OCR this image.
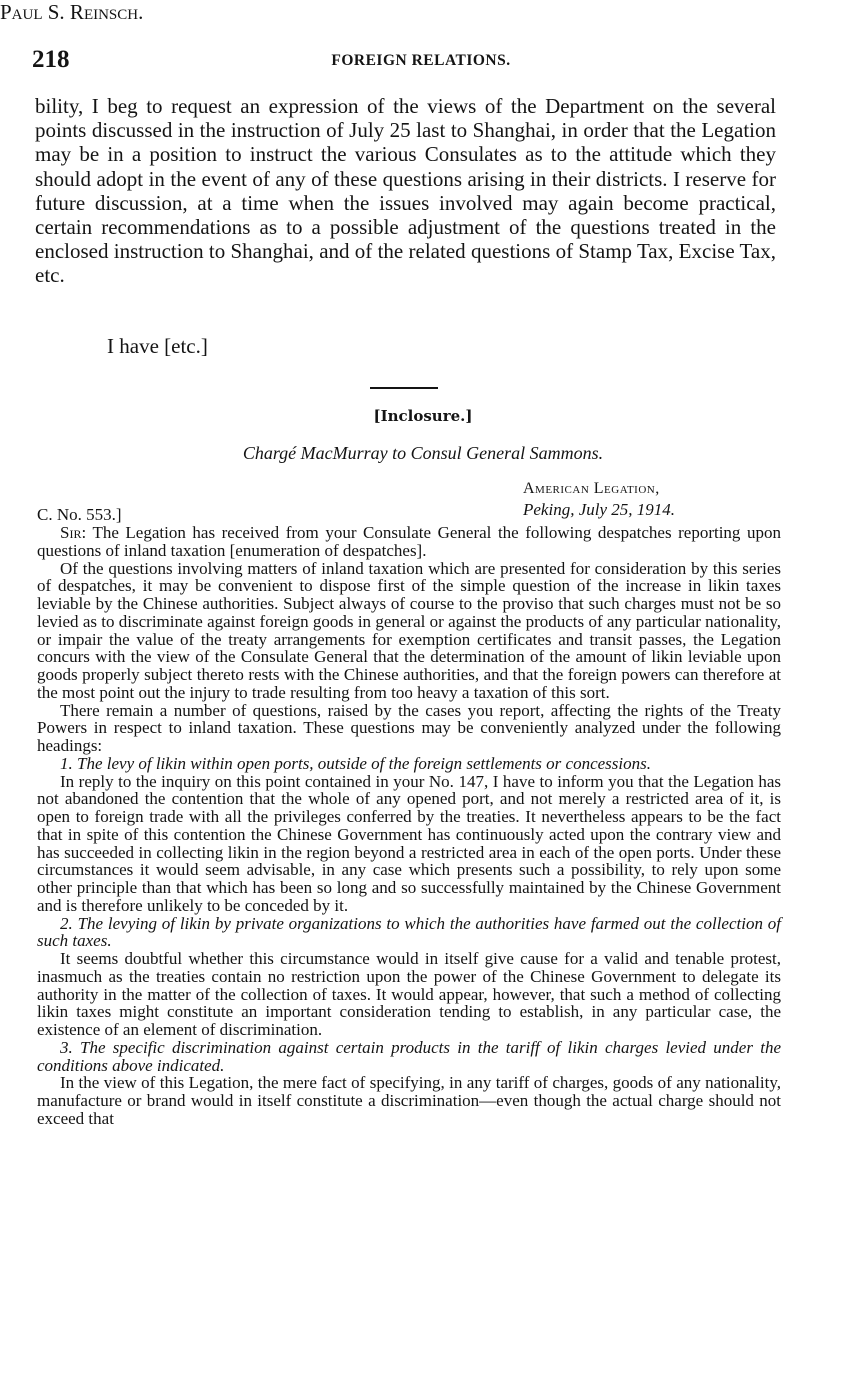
218	FOREIGN RELATIONS.

bility, I beg to request an expression of the views of the Department on the several points discussed in the instruction of July 25 last to Shanghai, in order that the Legation may be in a position to instruct the various Consulates as to the attitude which they should adopt in the event of any of these questions arising in their districts. I reserve for future discussion, at a time when the issues involved may again become practical, certain recommendations as to a possible adjustment of the questions treated in the enclosed instruction to Shanghai, and of the related questions of Stamp Tax, Excise Tax, etc.

I have [etc.]
Paul S. Reinsch.
[Inclosure.]
Chargé MacMurray to Consul General Sammons.
American Legation,
C. No. 553.]	Peking, July 25, 1914.

Sir: The Legation has received from your Consulate General the following despatches reporting upon questions of inland taxation [enumeration of despatches].

Of the questions involving matters of inland taxation which are presented for consideration by this series of despatches, it may be convenient to dispose first of the simple question of the increase in likin taxes leviable by the Chinese authorities. Subject always of course to the proviso that such charges must not be so levied as to discriminate against foreign goods in general or against the products of any particular nationality, or impair the value of the treaty arrangements for exemption certificates and transit passes, the Legation concurs with the view of the Consulate General that the determination of the amount of likin leviable upon goods properly subject thereto rests with the Chinese authorities, and that the foreign powers can therefore at the most point out the injury to trade resulting from too heavy a taxation of this sort.

There remain a number of questions, raised by the cases you report, affecting the rights of the Treaty Powers in respect to inland taxation. These questions may be conveniently analyzed under the following headings:

1. The levy of likin within open ports, outside of the foreign settlements or concessions.

In reply to the inquiry on this point contained in your No. 147, I have to inform you that the Legation has not abandoned the contention that the whole of any opened port, and not merely a restricted area of it, is open to foreign trade with all the privileges conferred by the treaties. It nevertheless appears to be the fact that in spite of this contention the Chinese Government has continuously acted upon the contrary view and has succeeded in collecting likin in the region beyond a restricted area in each of the open ports. Under these circumstances it would seem advisable, in any case which presents such a possibility, to rely upon some other principle than that which has been so long and so successfully maintained by the Chinese Government and is therefore unlikely to be conceded by it.

2. The levying of likin by private organizations to which the authorities have farmed out the collection of such taxes.

It seems doubtful whether this circumstance would in itself give cause for a valid and tenable protest, inasmuch as the treaties contain no restriction upon the power of the Chinese Government to delegate its authority in the matter of the collection of taxes. It would appear, however, that such a method of collecting likin taxes might constitute an important consideration tending to establish, in any particular case, the existence of an element of discrimination.

3. The specific discrimination against certain products in the tariff of likin charges levied under the conditions above indicated.

In the view of this Legation, the mere fact of specifying, in any tariff of charges, goods of any nationality, manufacture or brand would in itself constitute a discrimination—even though the actual charge should not exceed that
